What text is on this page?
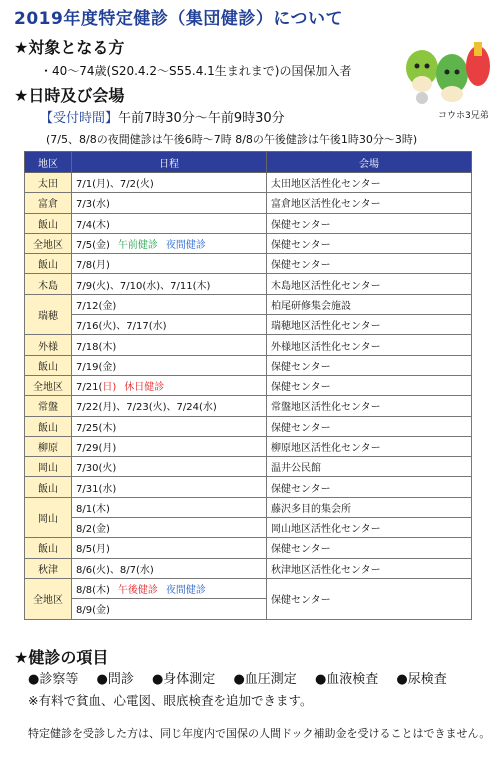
2019年度特定健診（集団健診）について
★対象となる方
・40〜74歳(S20.4.2〜S55.4.1生まれまで)の国保加入者
★日時及び会場
【受付時間】午前7時30分〜午前9時30分
(7/5、8/8の夜間健診は午後6時〜7時 8/8の午後健診は午後1時30分〜3時)
コウホ3兄弟
地区	日程	会場
太田	7/1(月)、7/2(火)	太田地区活性化センター
富倉	7/3(水)	富倉地区活性化センター
飯山	7/4(木)	保健センター
全地区	7/5(金) 午前健診 夜間健診	保健センター
飯山	7/8(月)	保健センター
木島	7/9(火)、7/10(水)、7/11(木)	木島地区活性化センター
瑞穂	7/12(金)	柏尾研修集会施設
	7/16(火)、7/17(水)	瑞穂地区活性化センター
外様	7/18(木)	外様地区活性化センター
飯山	7/19(金)	保健センター
全地区	7/21(日) 休日健診	保健センター
常盤	7/22(月)、7/23(火)、7/24(水)	常盤地区活性化センター
飯山	7/25(木)	保健センター
柳原	7/29(月)	柳原地区活性化センター
岡山	7/30(火)	温井公民館
飯山	7/31(水)	保健センター
岡山	8/1(木)	藤沢多目的集会所
	8/2(金)	岡山地区活性化センター
飯山	8/5(月)	保健センター
秋津	8/6(火)、8/7(水)	秋津地区活性化センター
全地区	8/8(木) 午後健診 夜間健診	保健センター
	8/9(金)	
★健診の項目
●診察等 ●問診 ●身体測定 ●血圧測定 ●血液検査 ●尿検査
※有料で貧血、心電図、眼底検査を追加できます。
特定健診を受診した方は、同じ年度内で国保の人間ドック補助金を受けることはできません。
